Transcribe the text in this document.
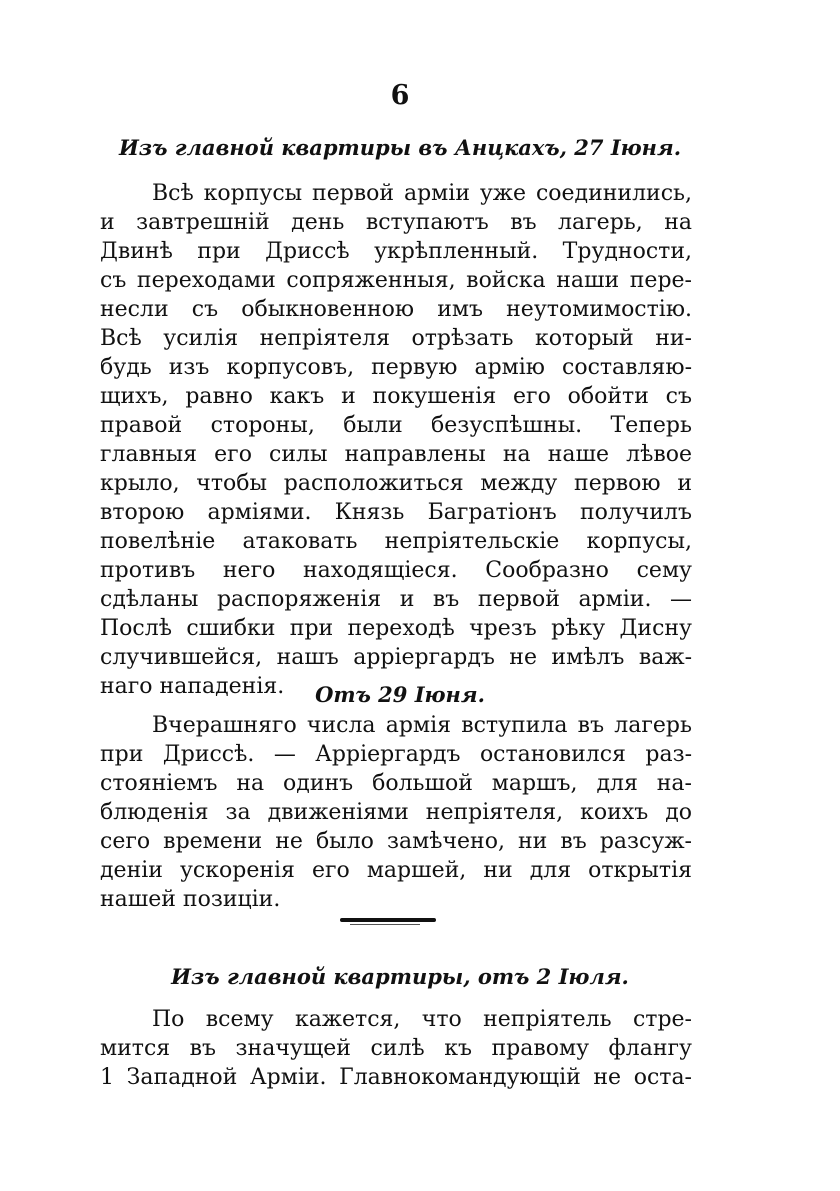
6
Изъ главной квартиры въ Анцкахъ, 27 Іюня.
Всѣ корпусы первой арміи уже соединились,
и завтрешній день вступаютъ въ лагерь, на
Двинѣ при Дриссѣ укрѣпленный. Трудности,
съ переходами сопряженныя, войска наши пере-
несли съ обыкновенною имъ неутомимостію.
Всѣ усилія непріятеля отрѣзать который ни-
будь изъ корпусовъ, первую армію составляю-
щихъ, равно какъ и покушенія его обойти съ
правой стороны, были безуспѣшны. Теперь
главныя его силы направлены на наше лѣвое
крыло, чтобы расположиться между первою и
второю арміями. Князь Багратіонъ получилъ
повелѣніе атаковать непріятельскіе корпусы,
противъ него находящіеся. Сообразно сему
сдѣланы распоряженія и въ первой арміи. —
Послѣ сшибки при переходѣ чрезъ рѣку Дисну
случившейся, нашъ аррiергардъ не имѣлъ важ-
наго нападенія.	Отъ 29 Іюня.
Вчерашняго числа армія вступила въ лагерь
при Дриссѣ. — Аррiергардъ остановился раз-
стояніемъ на одинъ большой маршъ, для на-
блюденія за движеніями непріятеля, коихъ до
сего времени не было замѣчено, ни въ разсуж-
деніи ускоренія его маршей, ни для открытія
нашей позиціи.
Изъ главной квартиры, отъ 2 Іюля.
По всему кажется, что непріятель стре-
мится въ значущей силѣ къ правому флангу
1 Западной Арміи. Главнокомандующій не оста-
